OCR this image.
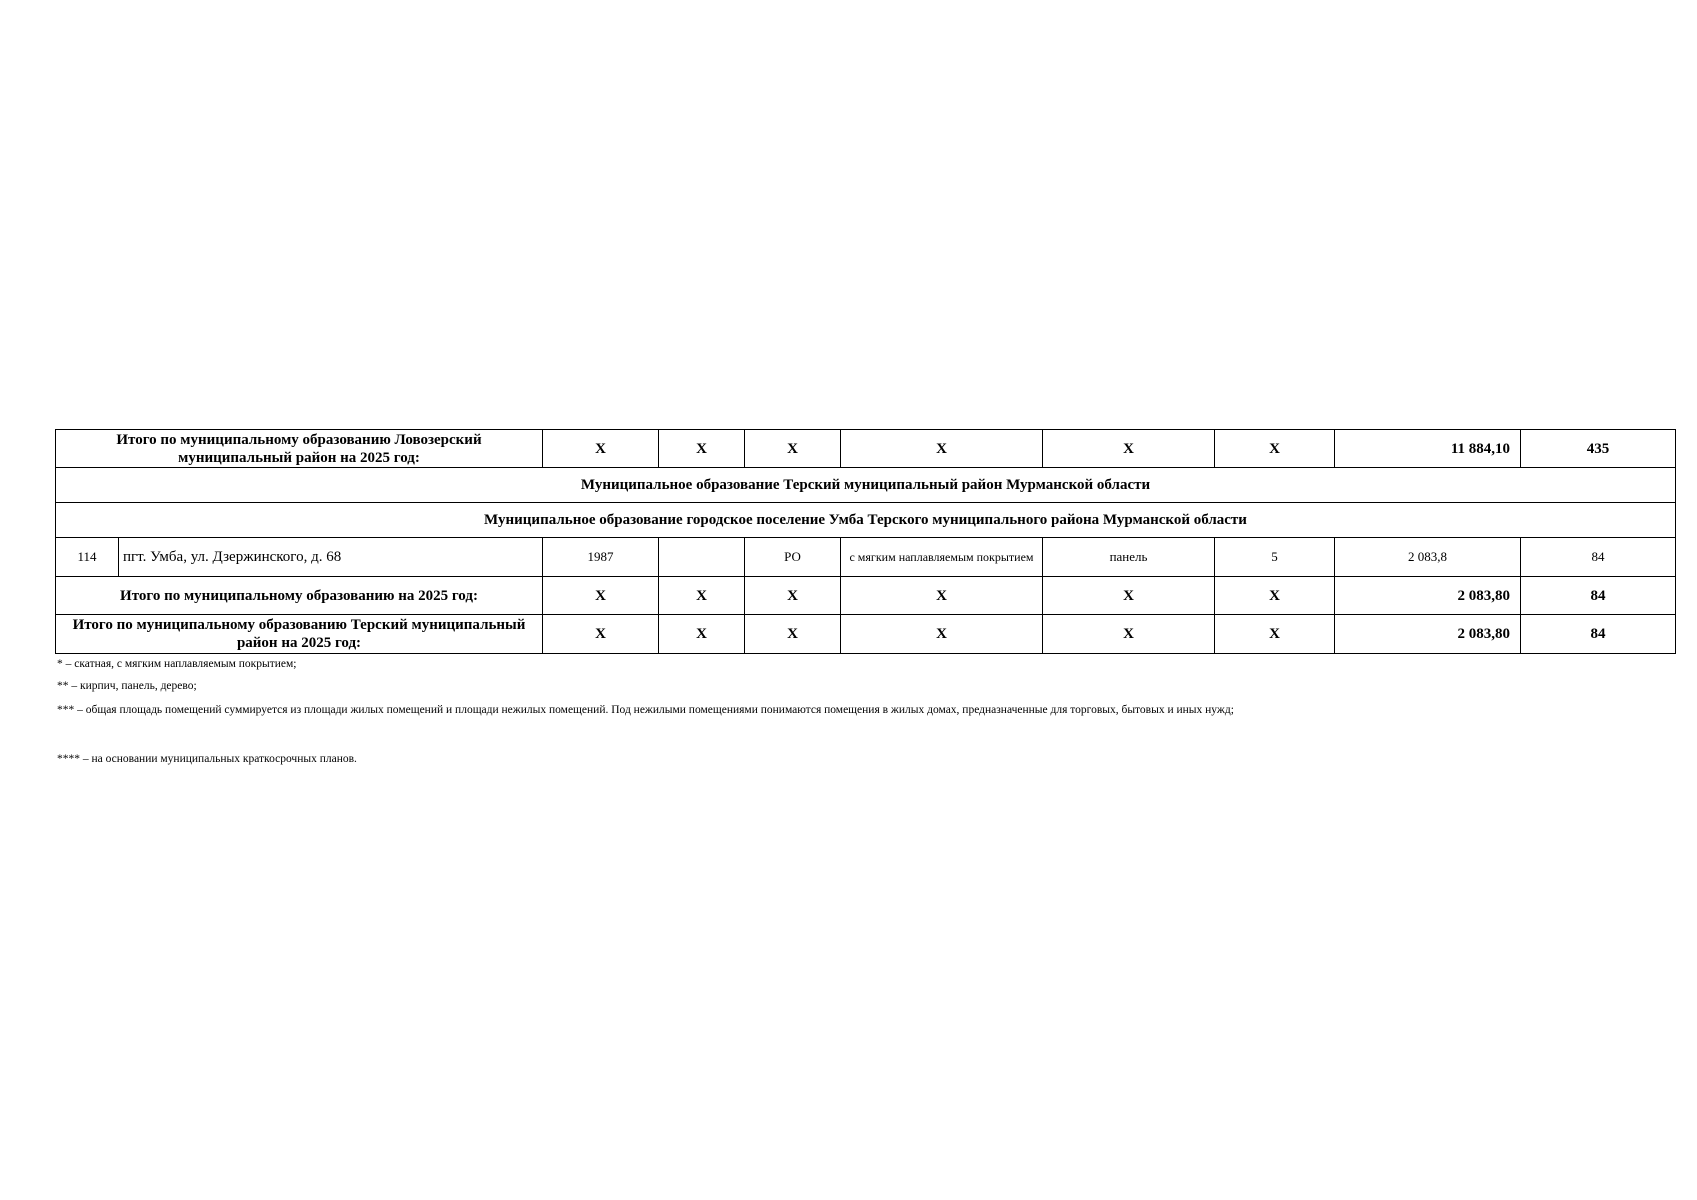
Итого по муниципальному образованию Ловозерский муниципальный район на 2025 год:		X	X	X	X	X	X	11 884,10	435
Муниципальное образование Терский муниципальный район Мурманской области									
Муниципальное образование городское поселение Умба Терского муниципального района Мурманской области									
114	пгт. Умба, ул. Дзержинского, д. 68	1987		РО	с мягким наплавляемым покрытием	панель	5	2 083,8	84
Итого по муниципальному образованию на 2025 год:		X	X	X	X	X	X	2 083,80	84
Итого по муниципальному образованию Терский муниципальный район на 2025 год:		X	X	X	X	X	X	2 083,80	84

* – скатная, с мягким наплавляемым покрытием;

** – кирпич, панель, дерево;

*** – общая площадь помещений суммируется из площади жилых помещений и площади нежилых помещений. Под нежилыми помещениями понимаются помещения в жилых домах, предназначенные для торговых, бытовых и иных нужд;

**** – на основании муниципальных краткосрочных планов.
